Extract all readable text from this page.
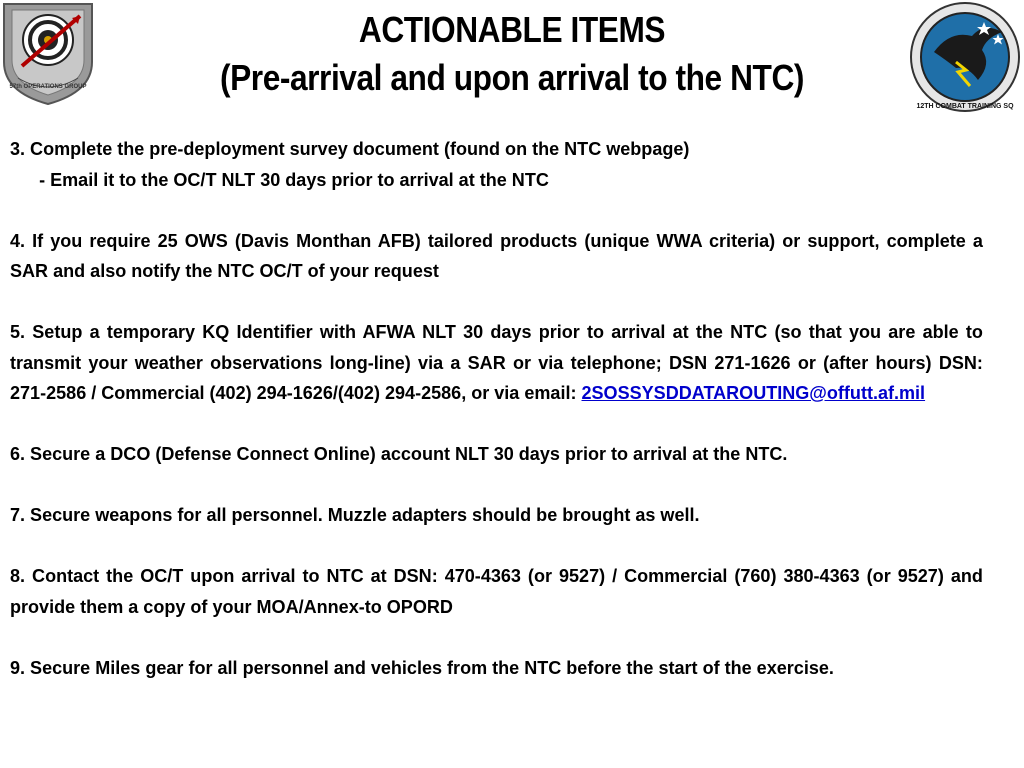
57th OPERATIONS GROUP
12TH COMBAT TRAINING SQ
ACTIONABLE ITEMS
(Pre-arrival and upon arrival to the NTC)
3. Complete the pre-deployment survey document (found on the NTC webpage)
- Email it to the OC/T NLT 30 days prior to arrival at the NTC
4. If you require 25 OWS (Davis Monthan AFB) tailored products (unique WWA criteria) or support, complete a SAR and also notify the NTC OC/T of your request
5. Setup a temporary KQ Identifier with AFWA NLT 30 days prior to arrival at the NTC (so that you are able to transmit your weather observations long-line) via a SAR or via telephone; DSN 271-1626 or (after hours) DSN: 271-2586 / Commercial (402) 294-1626/(402) 294-2586, or via email: 2SOSSYSDDATAROUTING@offutt.af.mil
6. Secure a DCO (Defense Connect Online) account NLT 30 days prior to arrival at the NTC.
7. Secure weapons for all personnel. Muzzle adapters should be brought as well.
8. Contact the OC/T upon arrival to NTC at DSN: 470-4363 (or 9527) / Commercial (760) 380-4363 (or 9527) and provide them a copy of your MOA/Annex-to OPORD
9. Secure Miles gear for all personnel and vehicles from the NTC before the start of the exercise.
